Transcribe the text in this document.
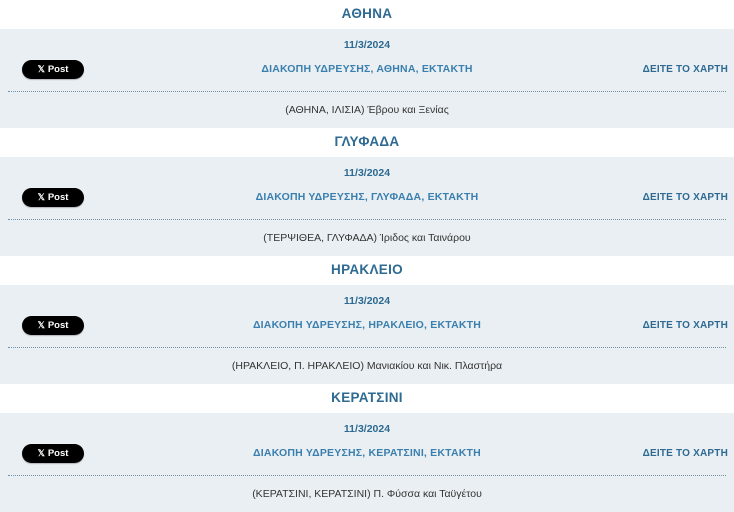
ΑΘΗΝΑ
11/3/2024
𝕏 Post	ΔΙΑΚΟΠΗ ΥΔΡΕΥΣΗΣ, ΑΘΗΝΑ, ΕΚΤΑΚΤΗ	ΔΕΙΤΕ ΤΟ ΧΑΡΤΗ
(ΑΘΗΝΑ, ΙΛΙΣΙΑ) Έβρου και Ξενίας
ΓΛΥΦΑΔΑ
11/3/2024
𝕏 Post	ΔΙΑΚΟΠΗ ΥΔΡΕΥΣΗΣ, ΓΛΥΦΑΔΑ, ΕΚΤΑΚΤΗ	ΔΕΙΤΕ ΤΟ ΧΑΡΤΗ
(ΤΕΡΨΙΘΕΑ, ΓΛΥΦΑΔΑ) Ίριδος και Ταινάρου
ΗΡΑΚΛΕΙΟ
11/3/2024
𝕏 Post	ΔΙΑΚΟΠΗ ΥΔΡΕΥΣΗΣ, ΗΡΑΚΛΕΙΟ, ΕΚΤΑΚΤΗ	ΔΕΙΤΕ ΤΟ ΧΑΡΤΗ
(ΗΡΑΚΛΕΙΟ, Π. ΗΡΑΚΛΕΙΟ) Μανιακίου και Νικ. Πλαστήρα
ΚΕΡΑΤΣΙΝΙ
11/3/2024
𝕏 Post	ΔΙΑΚΟΠΗ ΥΔΡΕΥΣΗΣ, ΚΕΡΑΤΣΙΝΙ, ΕΚΤΑΚΤΗ	ΔΕΙΤΕ ΤΟ ΧΑΡΤΗ
(ΚΕΡΑΤΣΙΝΙ, ΚΕΡΑΤΣΙΝΙ) Π. Φύσσα και Ταϋγέτου
